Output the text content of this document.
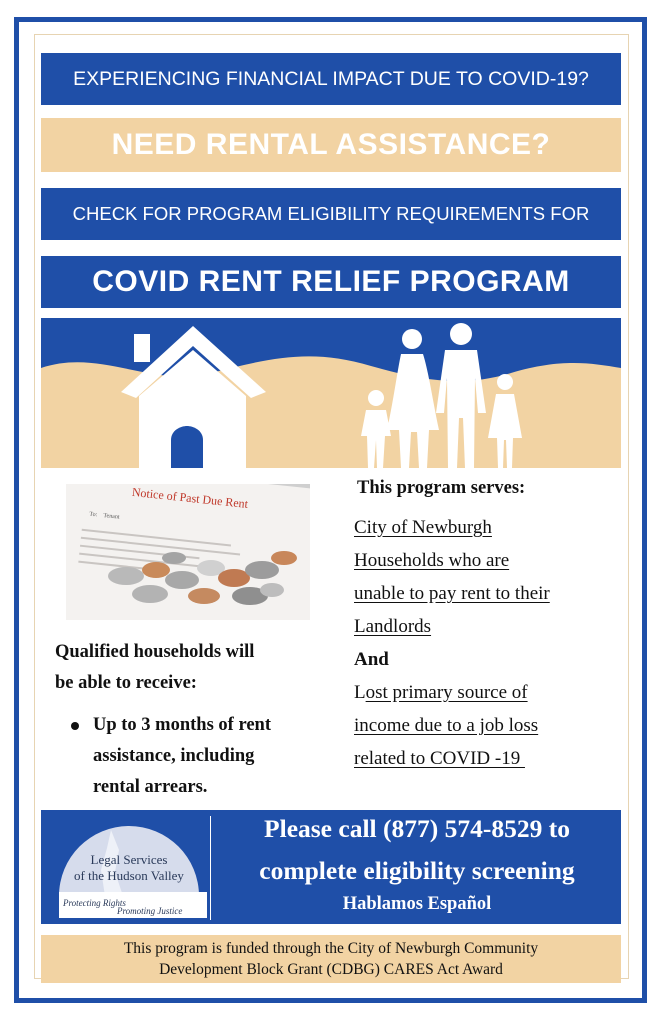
EXPERIENCING FINANCIAL IMPACT DUE TO COVID-19?
NEED RENTAL ASSISTANCE?
CHECK FOR PROGRAM ELIGIBILITY REQUIREMENTS FOR
COVID RENT RELIEF PROGRAM
Notice of Past Due Rent
To: Tenant
This program serves:
City of Newburgh
Households who are
unable to pay rent to their
Landlords
And
Lost primary source of
income due to a job loss
related to COVID -19
Qualified households will
be able to receive:
Up to 3 months of rent
assistance, including
rental arrears.
Legal Services
of the Hudson Valley
Protecting Rights
Promoting Justice
Please call (877) 574-8529 to
complete eligibility screening
Hablamos Español
This program is funded through the City of Newburgh Community
Development Block Grant (CDBG) CARES Act Award
